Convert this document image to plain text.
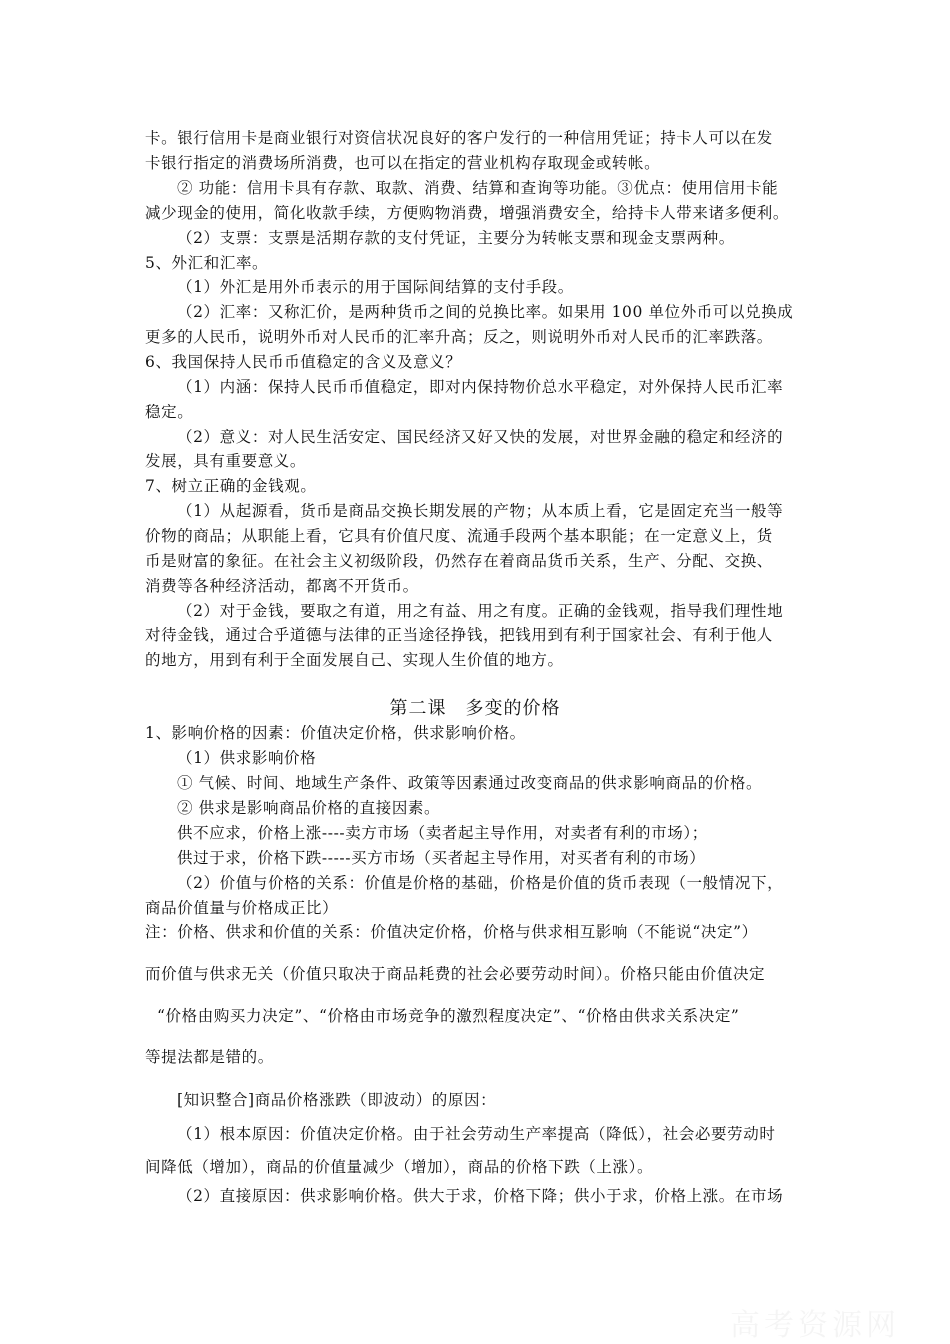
卡。银行信用卡是商业银行对资信状况良好的客户发行的一种信用凭证；持卡人可以在发
卡银行指定的消费场所消费，也可以在指定的营业机构存取现金或转帐。
② 功能：信用卡具有存款、取款、消费、结算和查询等功能。③优点：使用信用卡能
减少现金的使用，简化收款手续，方便购物消费，增强消费安全，给持卡人带来诸多便利。
（2）支票：支票是活期存款的支付凭证，主要分为转帐支票和现金支票两种。
5、外汇和汇率。
（1）外汇是用外币表示的用于国际间结算的支付手段。
（2）汇率：又称汇价，是两种货币之间的兑换比率。如果用 100 单位外币可以兑换成
更多的人民币，说明外币对人民币的汇率升高；反之，则说明外币对人民币的汇率跌落。
6、我国保持人民币币值稳定的含义及意义？
（1）内涵：保持人民币币值稳定，即对内保持物价总水平稳定，对外保持人民币汇率
稳定。
（2）意义：对人民生活安定、国民经济又好又快的发展，对世界金融的稳定和经济的
发展，具有重要意义。
7、树立正确的金钱观。
（1）从起源看，货币是商品交换长期发展的产物；从本质上看，它是固定充当一般等
价物的商品；从职能上看，它具有价值尺度、流通手段两个基本职能；在一定意义上，货
币是财富的象征。在社会主义初级阶段，仍然存在着商品货币关系，生产、分配、交换、
消费等各种经济活动，都离不开货币。
（2）对于金钱，要取之有道，用之有益、用之有度。正确的金钱观，指导我们理性地
对待金钱，通过合乎道德与法律的正当途径挣钱，把钱用到有利于国家社会、有利于他人
的地方，用到有利于全面发展自己、实现人生价值的地方。
第二课　多变的价格
1、影响价格的因素：价值决定价格，供求影响价格。
（1）供求影响价格
① 气候、时间、地域生产条件、政策等因素通过改变商品的供求影响商品的价格。
② 供求是影响商品价格的直接因素。
供不应求，价格上涨----卖方市场（卖者起主导作用，对卖者有利的市场）；
供过于求，价格下跌-----买方市场（买者起主导作用，对买者有利的市场）
（2）价值与价格的关系：价值是价格的基础，价格是价值的货币表现（一般情况下，
商品价值量与价格成正比）
注：价格、供求和价值的关系：价值决定价格，价格与供求相互影响（不能说“决定”）
而价值与供求无关（价值只取决于商品耗费的社会必要劳动时间）。价格只能由价值决定
“价格由购买力决定”、“价格由市场竞争的激烈程度决定”、“价格由供求关系决定”
等提法都是错的。
[知识整合]商品价格涨跌（即波动）的原因：
（1）根本原因：价值决定价格。由于社会劳动生产率提高（降低），社会必要劳动时
间降低（增加），商品的价值量减少（增加），商品的价格下跌（上涨）。
（2）直接原因：供求影响价格。供大于求，价格下降；供小于求，价格上涨。在市场
